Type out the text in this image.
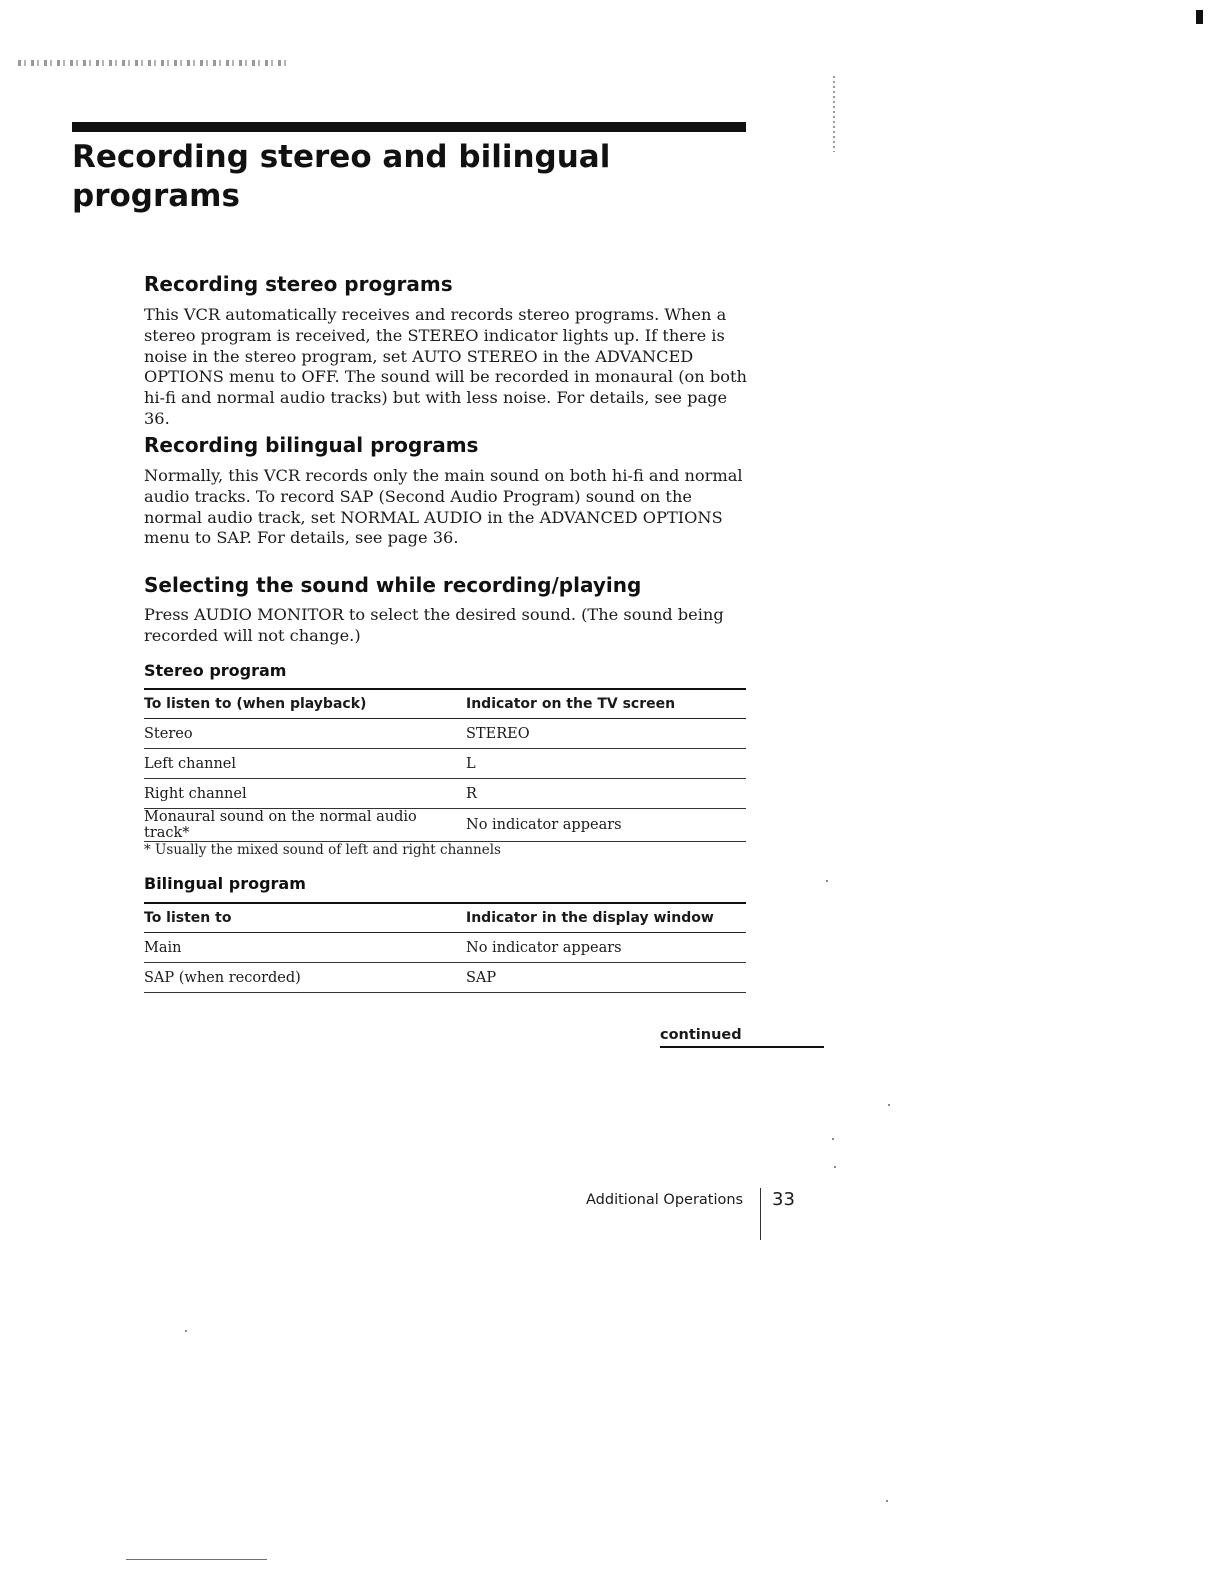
Recording stereo and bilingual programs
Recording stereo programs

This VCR automatically receives and records stereo programs. When a stereo program is received, the STEREO indicator lights up. If there is noise in the stereo program, set AUTO STEREO in the ADVANCED OPTIONS menu to OFF. The sound will be recorded in monaural (on both hi-fi and normal audio tracks) but with less noise. For details, see page 36.

Recording bilingual programs

Normally, this VCR records only the main sound on both hi-fi and normal audio tracks. To record SAP (Second Audio Program) sound on the normal audio track, set NORMAL AUDIO in the ADVANCED OPTIONS menu to SAP. For details, see page 36.

Selecting the sound while recording/playing

Press AUDIO MONITOR to select the desired sound. (The sound being recorded will not change.)

Stereo program
To listen to (when playback)	Indicator on the TV screen
Stereo	STEREO
Left channel	L
Right channel	R
Monaural sound on the normal audio track*	No indicator appears

* Usually the mixed sound of left and right channels

Bilingual program
To listen to	Indicator in the display window
Main	No indicator appears
SAP (when recorded)	SAP

continued

Additional Operations 33
